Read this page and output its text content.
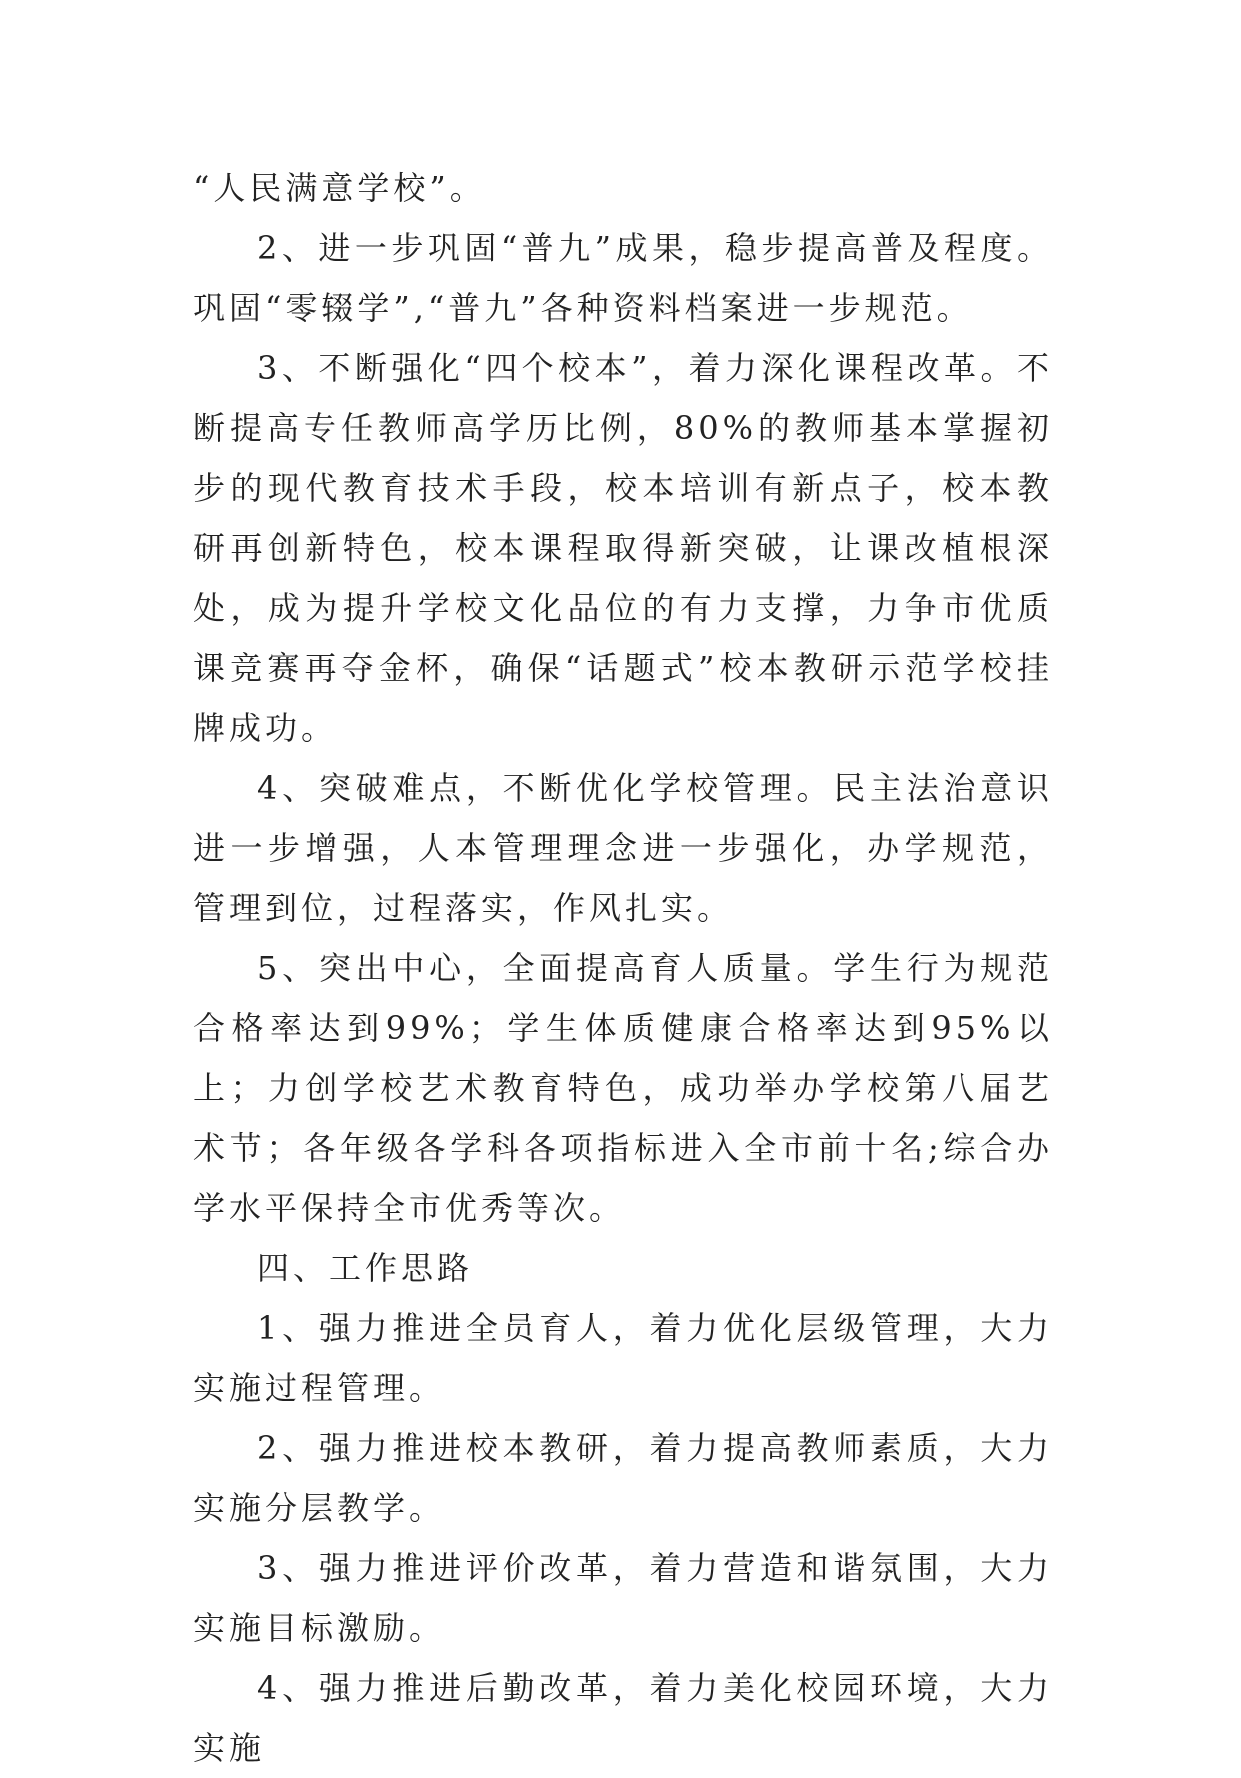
“人民满意学校”。

2、进一步巩固“普九”成果，稳步提高普及程度。巩固“零辍学”,“普九”各种资料档案进一步规范。

3、不断强化“四个校本”，着力深化课程改革。不断提高专任教师高学历比例，80%的教师基本掌握初步的现代教育技术手段，校本培训有新点子，校本教研再创新特色，校本课程取得新突破，让课改植根深处，成为提升学校文化品位的有力支撑，力争市优质课竞赛再夺金杯，确保“话题式”校本教研示范学校挂牌成功。

4、突破难点，不断优化学校管理。民主法治意识进一步增强，人本管理理念进一步强化，办学规范，管理到位，过程落实，作风扎实。

5、突出中心，全面提高育人质量。学生行为规范合格率达到99%；学生体质健康合格率达到95%以上；力创学校艺术教育特色，成功举办学校第八届艺术节；各年级各学科各项指标进入全市前十名;综合办学水平保持全市优秀等次。

四、工作思路

1、强力推进全员育人，着力优化层级管理，大力实施过程管理。

2、强力推进校本教研，着力提高教师素质，大力实施分层教学。

3、强力推进评价改革，着力营造和谐氛围，大力实施目标激励。

4、强力推进后勤改革，着力美化校园环境，大力实施
